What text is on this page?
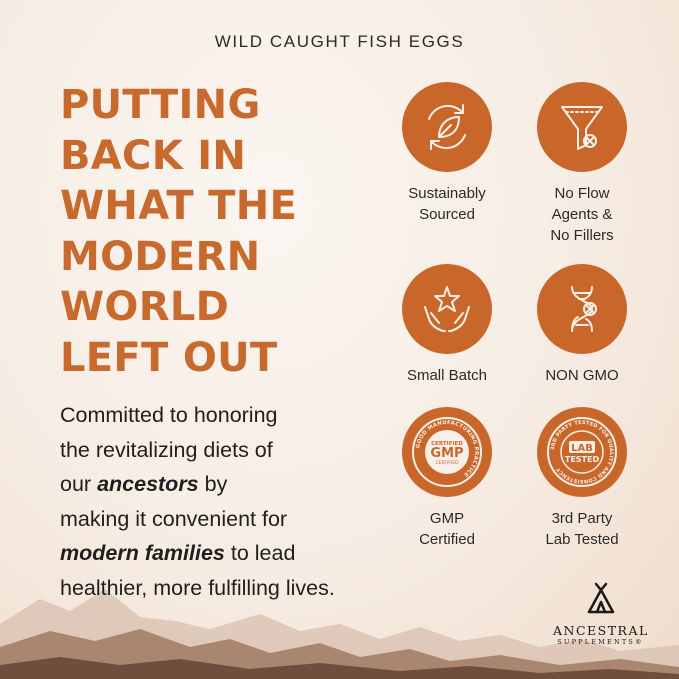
WILD CAUGHT FISH EGGS
PUTTING
BACK IN
WHAT THE
MODERN
WORLD
LEFT OUT
Committed to honoring
the revitalizing diets of
our ancestors by
making it convenient for
modern families to lead
healthier, more fulfilling lives.
Sustainably
Sourced
No Flow
Agents &
No Fillers
Small Batch	NON GMO
GOOD MANUFACTURING PRACTICE
CERTIFIED
GMP
CERTIFIED
GMP
Certified
3RD PARTY TESTED FOR QUALITY AND CONSISTENCY
LAB
TESTED
3rd Party
Lab Tested
ANCESTRAL
SUPPLEMENTS®
